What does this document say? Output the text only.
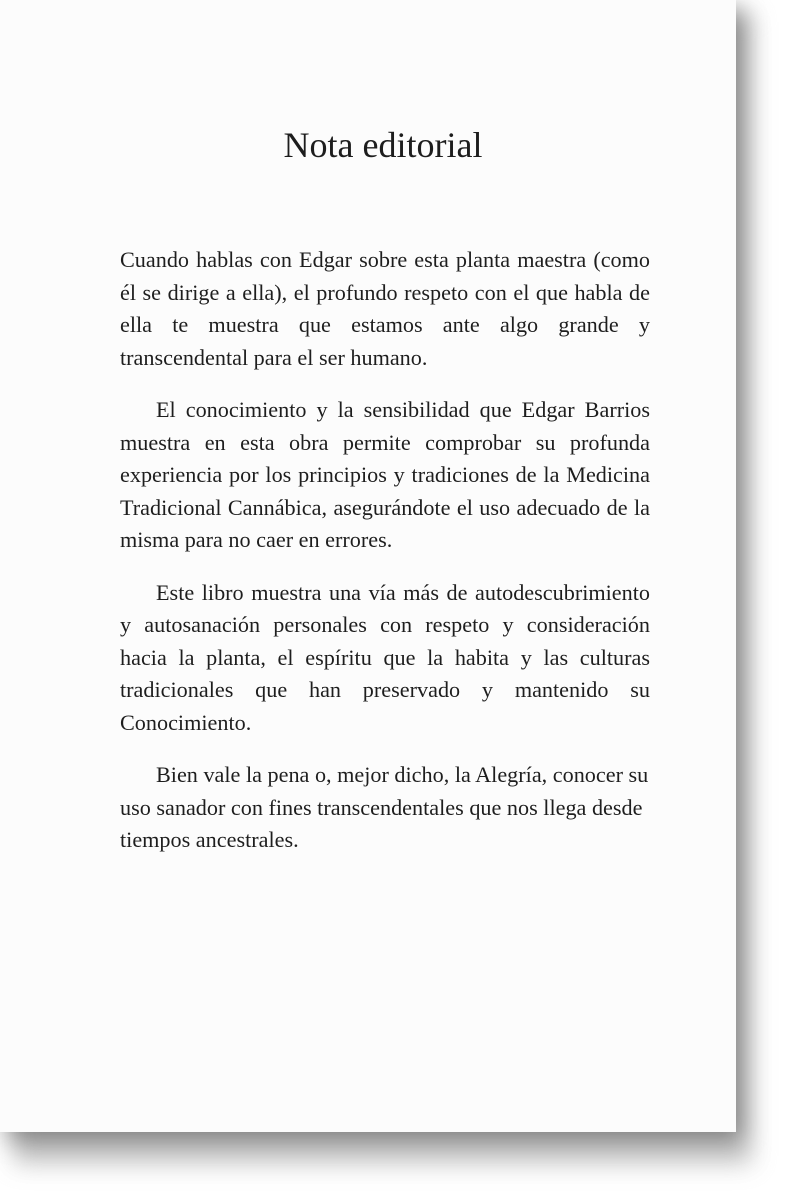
Nota editorial

Cuando hablas con Edgar sobre esta planta maestra (como él se dirige a ella), el profundo respeto con el que habla de ella te muestra que estamos ante algo grande y transcendental para el ser humano.

El conocimiento y la sensibilidad que Edgar Barrios muestra en esta obra permite comprobar su profunda experiencia por los principios y tradiciones de la Medicina Tradicional Cannábica, asegurándote el uso adecuado de la misma para no caer en errores.

Este libro muestra una vía más de autodescubrimiento y autosanación personales con respeto y consideración hacia la planta, el espíritu que la habita y las culturas tradicionales que han preservado y mantenido su Conocimiento.

Bien vale la pena o, mejor dicho, la Alegría, conocer su uso sanador con fines transcendentales que nos llega desde tiempos ancestrales.
